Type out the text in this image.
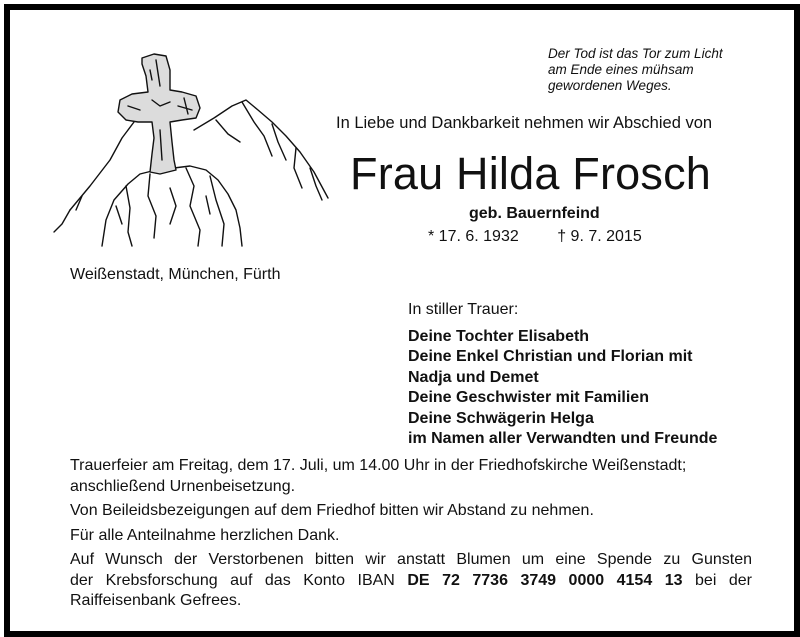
Der Tod ist das Tor zum Licht
am Ende eines mühsam
gewordenen Weges.
In Liebe und Dankbarkeit nehmen wir Abschied von
Frau Hilda Frosch
geb. Bauernfeind
* 17. 6. 1932 † 9. 7. 2015
Weißenstadt, München, Fürth
In stiller Trauer:
Deine Tochter Elisabeth
Deine Enkel Christian und Florian mit
Nadja und Demet
Deine Geschwister mit Familien
Deine Schwägerin Helga
im Namen aller Verwandten und Freunde

Trauerfeier am Freitag, dem 17. Juli, um 14.00 Uhr in der Friedhofskirche Weißenstadt;
anschließend Urnenbeisetzung.

Von Beileidsbezeigungen auf dem Friedhof bitten wir Abstand zu nehmen.

Für alle Anteilnahme herzlichen Dank.

Auf Wunsch der Verstorbenen bitten wir anstatt Blumen um eine Spende zu Gunsten
der Krebsforschung auf das Konto IBAN DE 72 7736 3749 0000 4154 13 bei der
Raiffeisenbank Gefrees.
